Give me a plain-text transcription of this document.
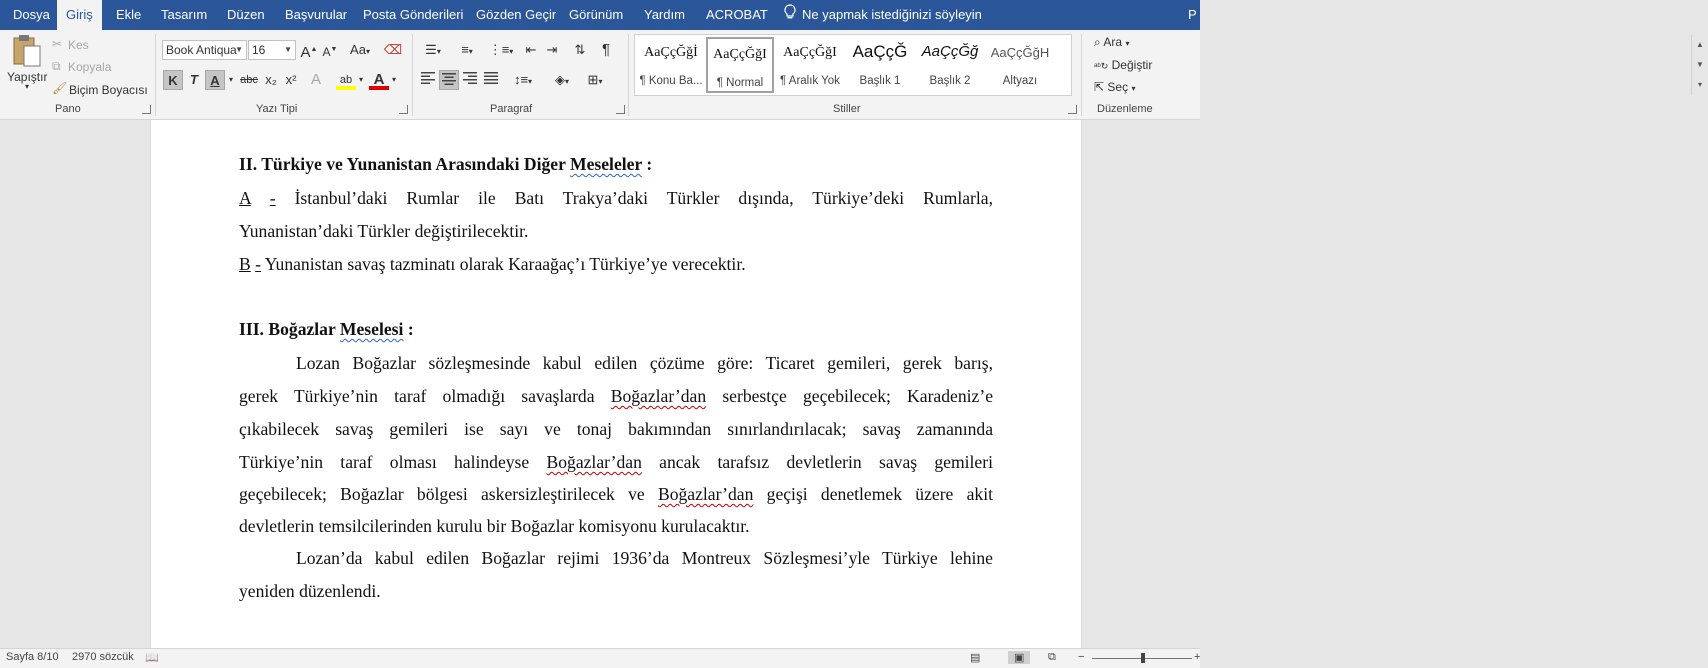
Dosya	Giriş	Ekle	Tasarım	Düzen	Başvurular	Posta Gönderileri Gözden Geçir Görünüm	Yardım	ACROBAT	Ne yapmak istediğinizi söyleyin	P
Yapıştır
▾
✂ Kes
⧉ Kopyala
🖌 Biçim Boyacısı
Pano
Book Antiqua
▼ 16 ▼ A▲ A▼ Aa▾	⌫
K T A	▾ abc x₂ x² A	ab ▾ A ▾
Yazı Tipi
☰▾	≡▾	⋮≡▾ ⇤ ⇥	⇅	¶
↕≡▾	◈▾	⊞▾
Paragraf
AaÇçĞğİ
¶ Konu Ba...
AaÇçĞğI
¶ Normal
AaÇçĞğI
¶ Aralık Yok
AaÇçĞ
Başlık 1
AaÇçĞğ
Başlık 2
AaÇçĞğH
Altyazı
▲
▼
▾
Stiller
⌕ Ara ▾
ᵃᵇ↻ Değiştir
⇱ Seç ▾
Düzenleme
II. Türkiye ve Yunanistan Arasındaki Diğer Meseleler :
A - İstanbul’daki Rumlar ile Batı Trakya’daki Türkler dışında, Türkiye’deki Rumlarla,
Yunanistan’daki Türkler değiştirilecektir.
B - Yunanistan savaş tazminatı olarak Karaağaç’ı Türkiye’ye verecektir.
III. Boğazlar Meselesi :
Lozan Boğazlar sözleşmesinde kabul edilen çözüme göre: Ticaret gemileri, gerek barış,
gerek Türkiye’nin taraf olmadığı savaşlarda Boğazlar’dan serbestçe geçebilecek; Karadeniz’e
çıkabilecek savaş gemileri ise sayı ve tonaj bakımından sınırlandırılacak; savaş zamanında
Türkiye’nin taraf olması halindeyse Boğazlar’dan ancak tarafsız devletlerin savaş gemileri
geçebilecek; Boğazlar bölgesi askersizleştirilecek ve Boğazlar’dan geçişi denetlemek üzere akit
devletlerin temsilcilerinden kurulu bir Boğazlar komisyonu kurulacaktır.
Lozan’da kabul edilen Boğazlar rejimi 1936’da Montreux Sözleşmesi’yle Türkiye lehine
yeniden düzenlendi.
Sayfa 8/10 2970 sözcük 📖	▤	▣	⧉ −	+
